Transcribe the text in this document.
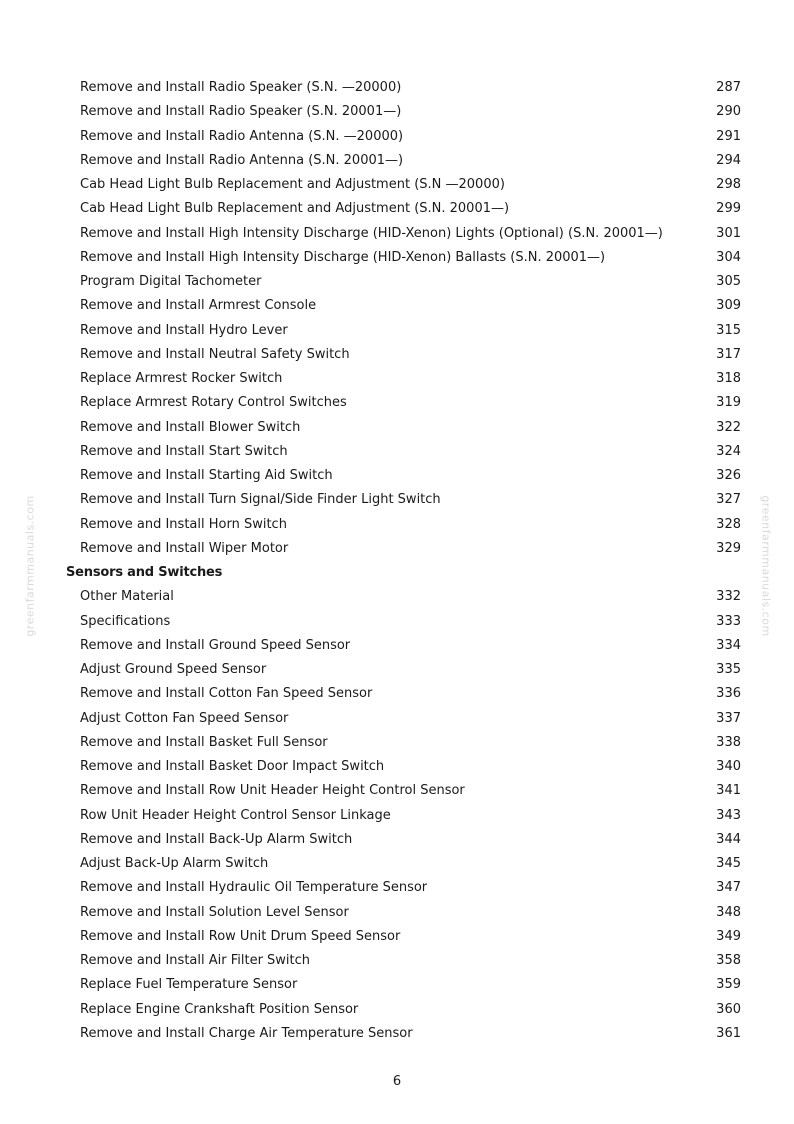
greenfarmmanuals.com	greenfarmmanuals.com
Remove and Install Radio Speaker (S.N. —20000)	287
Remove and Install Radio Speaker (S.N. 20001—)	290
Remove and Install Radio Antenna (S.N. —20000)	291
Remove and Install Radio Antenna (S.N. 20001—)	294
Cab Head Light Bulb Replacement and Adjustment (S.N —20000)	298
Cab Head Light Bulb Replacement and Adjustment (S.N. 20001—)	299
Remove and Install High Intensity Discharge (HID-Xenon) Lights (Optional) (S.N. 20001—)	301
Remove and Install High Intensity Discharge (HID-Xenon) Ballasts (S.N. 20001—)	304
Program Digital Tachometer	305
Remove and Install Armrest Console	309
Remove and Install Hydro Lever	315
Remove and Install Neutral Safety Switch	317
Replace Armrest Rocker Switch	318
Replace Armrest Rotary Control Switches	319
Remove and Install Blower Switch	322
Remove and Install Start Switch	324
Remove and Install Starting Aid Switch	326
Remove and Install Turn Signal/Side Finder Light Switch	327
Remove and Install Horn Switch	328
Remove and Install Wiper Motor	329
Sensors and Switches
Other Material	332
Specifications	333
Remove and Install Ground Speed Sensor	334
Adjust Ground Speed Sensor	335
Remove and Install Cotton Fan Speed Sensor	336
Adjust Cotton Fan Speed Sensor	337
Remove and Install Basket Full Sensor	338
Remove and Install Basket Door Impact Switch	340
Remove and Install Row Unit Header Height Control Sensor	341
Row Unit Header Height Control Sensor Linkage	343
Remove and Install Back-Up Alarm Switch	344
Adjust Back-Up Alarm Switch	345
Remove and Install Hydraulic Oil Temperature Sensor	347
Remove and Install Solution Level Sensor	348
Remove and Install Row Unit Drum Speed Sensor	349
Remove and Install Air Filter Switch	358
Replace Fuel Temperature Sensor	359
Replace Engine Crankshaft Position Sensor	360
Remove and Install Charge Air Temperature Sensor	361
6
